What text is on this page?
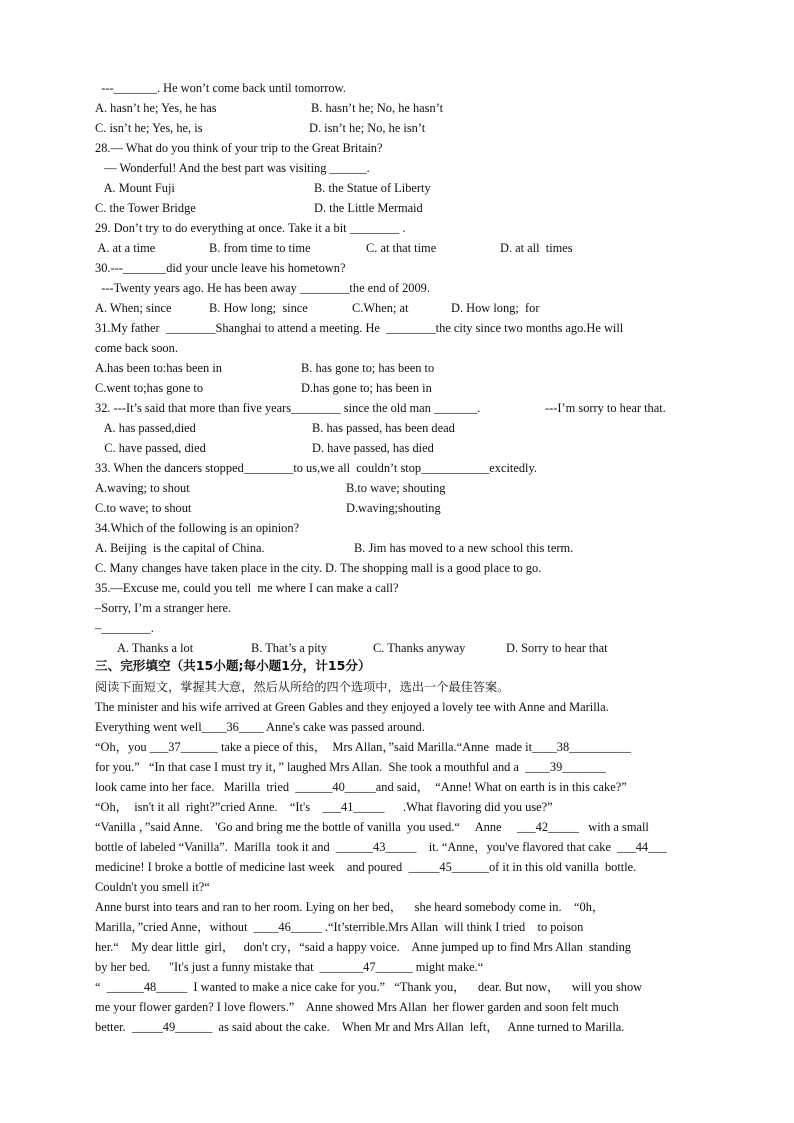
---_______. He won’t come back until tomorrow.
A. hasn’t he; Yes, he has	B. hasn’t he; No, he hasn’t
C. isn’t he; Yes, he, is	D. isn’t he; No, he isn’t
28.— What do you think of your trip to the Great Britain?
— Wonderful! And the best part was visiting ______.
A. Mount Fuji	B. the Statue of Liberty
C. the Tower Bridge	D. the Little Mermaid
29. Don’t try to do everything at once. Take it a bit ________ .
A. at a time	B. from time to time	C. at that time	D. at all  times
30.---_______did your uncle leave his hometown?
---Twenty years ago. He has been away ________the end of 2009.
A. When; since	B. How long;  since	C.When; at	D. How long;  for
31.My father  ________Shanghai to attend a meeting. He  ________the city since two months ago.He will
come back soon.
A.has been to:has been in	B. has gone to; has been to
C.went to;has gone to	D.has gone to; has been in
32. ---It’s said that more than five years________ since the old man _______.	---I’m sorry to hear that.
A. has passed,died	B. has passed, has been dead
C. have passed, died	D. have passed, has died
33. When the dancers stopped________to us,we all  couldn’t stop___________excitedly.
A.waving; to shout	B.to wave; shouting
C.to wave; to shout	D.waving;shouting
34.Which of the following is an opinion?
A. Beijing  is the capital of China.	B. Jim has moved to a new school this term.
C. Many changes have taken place in the city. D. The shopping mall is a good place to go.
35.—Excuse me, could you tell  me where I can make a call?
–Sorry, I’m a stranger here.
–________.
A. Thanks a lot	B. That’s a pity	C. Thanks anyway	D. Sorry to hear that
三、完形填空（共15小题;每小题1分，计15分）
阅读下面短文，掌握其大意，然后从所给的四个选项中，选出一个最佳答案。
The minister and his wife arrived at Green Gables and they enjoyed a lovely tee with Anne and Marilla.
Everything went well____36____ Anne's cake was passed around.
“Oh，you ___37______ take a piece of this，  Mrs Allan，”said Marilla.“Anne  made it____38__________
for you.”   “In that case I must try it，” laughed Mrs Allan.  She took a mouthful and a  ____39_______
look came into her face.   Marilla  tried  ______40_____and said，  “Anne! What on earth is in this cake?”
“Oh，  isn't it all  right?”cried Anne.    “It's    ___41_____      .What flavoring did you use?”
“Vanilla ，”said Anne.    'Go and bring me the bottle of vanilla  you used.“     Anne     ___42_____   with a small
bottle of labeled “Vanilla”.  Marilla  took it and  ______43_____    it. “Anne，you've flavored that cake  ___44___
medicine! I broke a bottle of medicine last week    and poured  _____45______of it in this old vanilla  bottle.
Couldn't you smell it?“
Anne burst into tears and ran to her room. Lying on her bed，    she heard somebody come in.    “0h，
Marilla，”cried Anne，without  ____46_____ .“It’sterrible.Mrs Allan  will think I tried    to poison
her.“    My dear little  girl，   don't cry，“said a happy voice.    Anne jumped up to find Mrs Allan  standing
by her bed.      "It's just a funny mistake that  _______47______ might make.“
“  ______48_____  I wanted to make a nice cake for you.”   “Thank you，    dear. But now，    will you show
me your flower garden? I love flowers.”    Anne showed Mrs Allan  her flower garden and soon felt much
better.  _____49______  as said about the cake.    When Mr and Mrs Allan  left，   Anne turned to Marilla.
